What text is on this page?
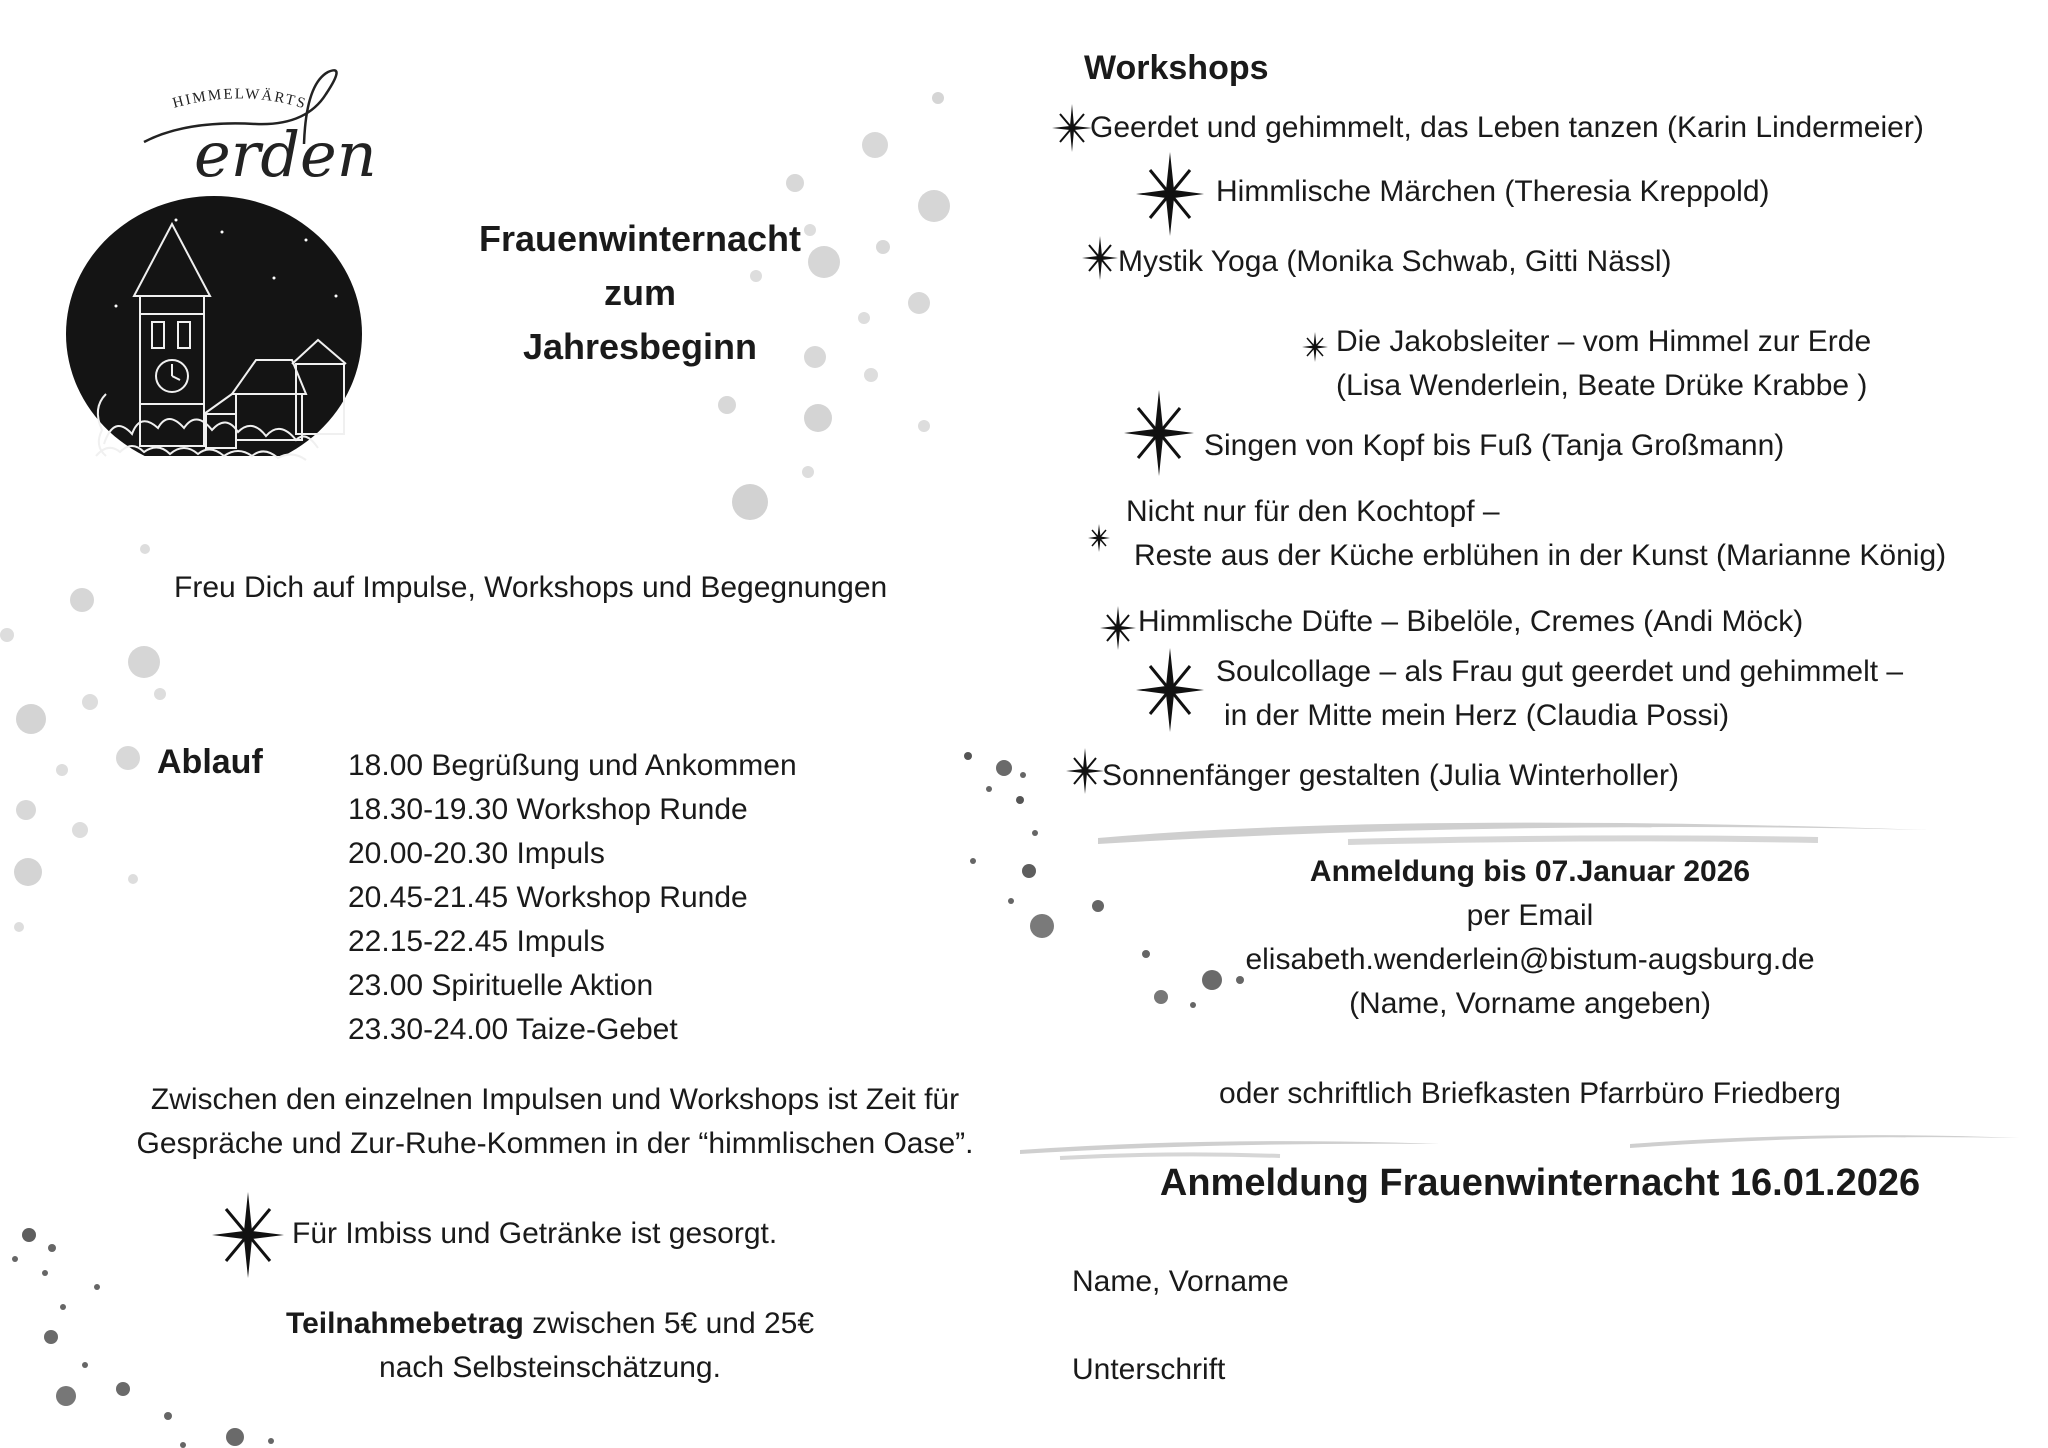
HIMMELWÄRTS
erden
Frauenwinternacht
zum
Jahresbeginn
Freu Dich auf Impulse, Workshops und Begegnungen
Ablauf	18.00 Begrüßung und Ankommen
18.30-19.30 Workshop Runde
20.00-20.30 Impuls
20.45-21.45 Workshop Runde
22.15-22.45 Impuls
23.00 Spirituelle Aktion
23.30-24.00 Taize-Gebet
Zwischen den einzelnen Impulsen und Workshops ist Zeit für
Gespräche und Zur-Ruhe-Kommen in der “himmlischen Oase”.
Für Imbiss und Getränke ist gesorgt.
Teilnahmebetrag zwischen 5€ und 25€
nach Selbsteinschätzung.
Workshops
Geerdet und gehimmelt, das Leben tanzen (Karin Lindermeier)
Himmlische Märchen (Theresia Kreppold)
Mystik Yoga (Monika Schwab, Gitti Nässl)
Die Jakobsleiter – vom Himmel zur Erde
(Lisa Wenderlein, Beate Drüke Krabbe )
Singen von Kopf bis Fuß (Tanja Großmann)
Nicht nur für den Kochtopf –
Reste aus der Küche erblühen in der Kunst (Marianne König)
Himmlische Düfte – Bibelöle, Cremes (Andi Möck)
Soulcollage – als Frau gut geerdet und gehimmelt –
in der Mitte mein Herz (Claudia Possi)
Sonnenfänger gestalten (Julia Winterholler)
Anmeldung bis 07.Januar 2026
per Email
elisabeth.wenderlein@bistum-augsburg.de
(Name, Vorname angeben)
oder schriftlich Briefkasten Pfarrbüro Friedberg
Anmeldung Frauenwinternacht 16.01.2026
Name, Vorname
Unterschrift
